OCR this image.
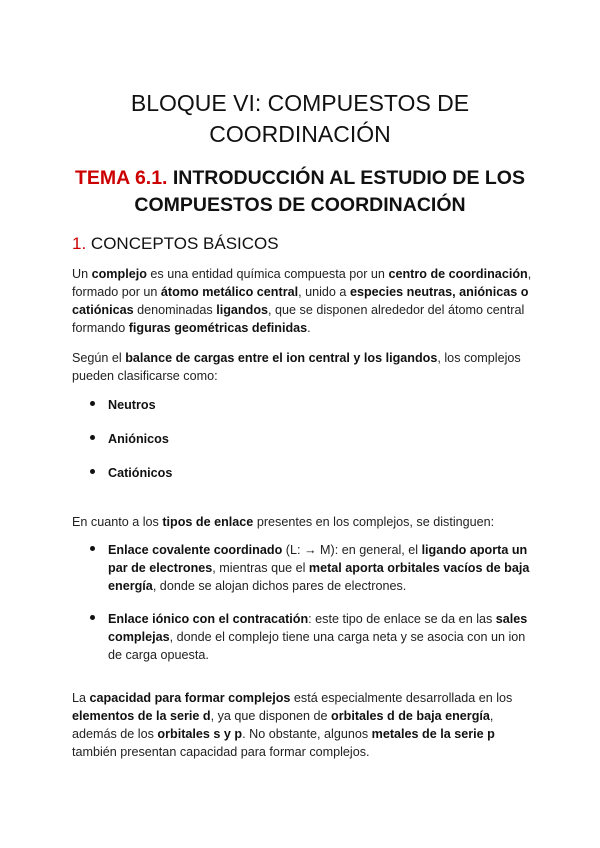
BLOQUE VI: COMPUESTOS DE COORDINACIÓN
TEMA 6.1. INTRODUCCIÓN AL ESTUDIO DE LOS COMPUESTOS DE COORDINACIÓN
1. CONCEPTOS BÁSICOS

Un complejo es una entidad química compuesta por un centro de coordinación, formado por un átomo metálico central, unido a especies neutras, aniónicas o catiónicas denominadas ligandos, que se disponen alrededor del átomo central formando figuras geométricas definidas.

Según el balance de cargas entre el ion central y los ligandos, los complejos pueden clasificarse como:

Neutros

Aniónicos

Catiónicos

En cuanto a los tipos de enlace presentes en los complejos, se distinguen:

Enlace covalente coordinado (L: → M): en general, el ligando aporta un par de electrones, mientras que el metal aporta orbitales vacíos de baja energía, donde se alojan dichos pares de electrones.

Enlace iónico con el contracatión: este tipo de enlace se da en las sales complejas, donde el complejo tiene una carga neta y se asocia con un ion de carga opuesta.

La capacidad para formar complejos está especialmente desarrollada en los elementos de la serie d, ya que disponen de orbitales d de baja energía, además de los orbitales s y p. No obstante, algunos metales de la serie p también presentan capacidad para formar complejos.
